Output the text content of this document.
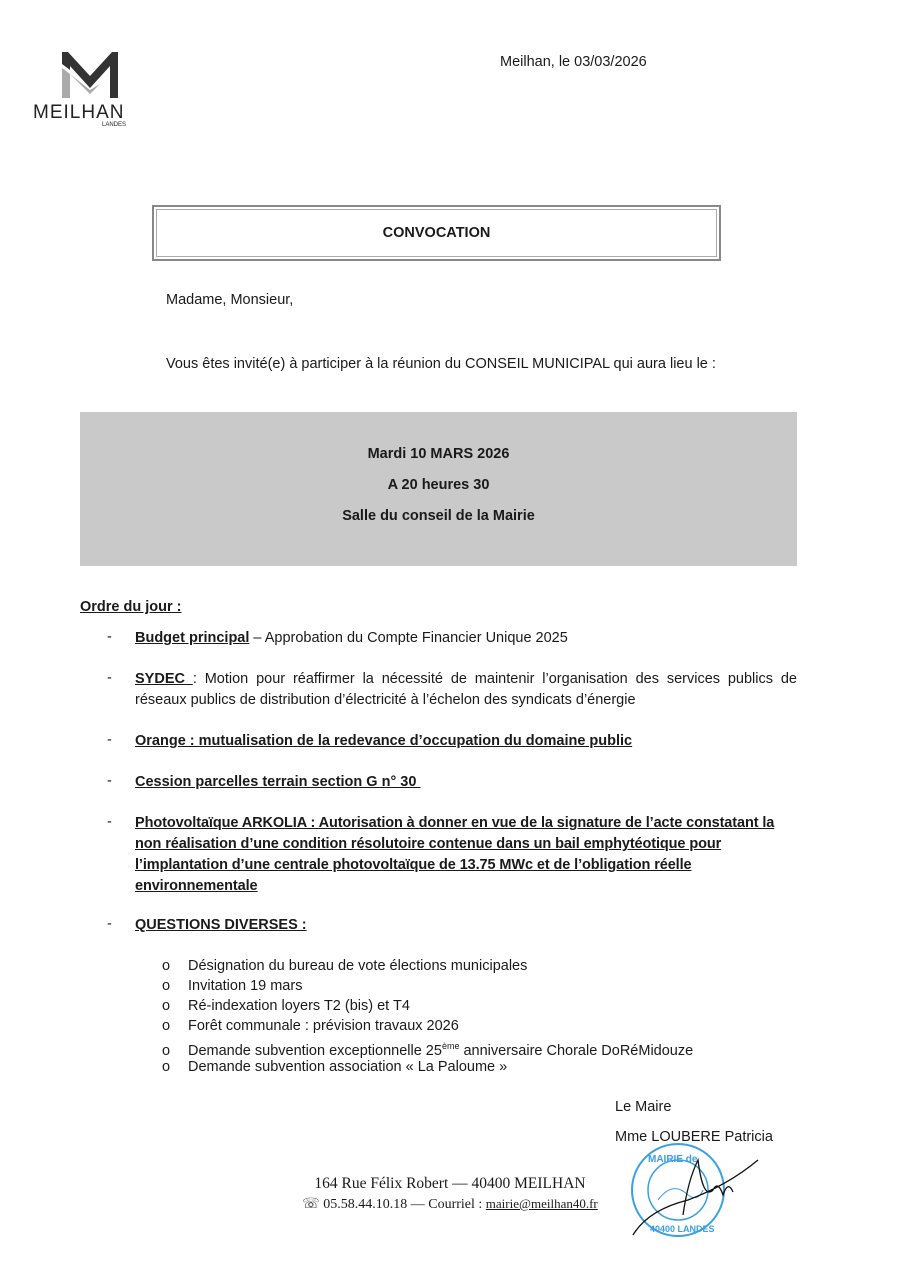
MEILHAN
LANDES
Meilhan, le 03/03/2026
CONVOCATION
Madame, Monsieur,
Vous êtes invité(e) à participer à la réunion du CONSEIL MUNICIPAL qui aura lieu le :
Mardi 10 MARS 2026
A 20 heures 30
Salle du conseil de la Mairie
Ordre du jour :
- Budget principal – Approbation du Compte Financier Unique 2025
- SYDEC : Motion pour réaffirmer la nécessité de maintenir l’organisation des services publics de réseaux publics de distribution d’électricité à l’échelon des syndicats d’énergie
- Orange : mutualisation de la redevance d’occupation du domaine public
- Cession parcelles terrain section G n° 30
- Photovoltaïque ARKOLIA : Autorisation à donner en vue de la signature de l’acte constatant la non réalisation d’une condition résolutoire contenue dans un bail emphytéotique pour l’implantation d’une centrale photovoltaïque de 13.75 MWc et de l’obligation réelle environnementale
- QUESTIONS DIVERSES :
o Désignation du bureau de vote élections municipales
o Invitation 19 mars
o Ré-indexation loyers T2 (bis) et T4
o Forêt communale : prévision travaux 2026
o Demande subvention exceptionnelle 25ème anniversaire Chorale DoRéMidouze
o Demande subvention association « La Paloume »
Le Maire
Mme LOUBERE Patricia
MAIRIE de
40400 LANDES
164 Rue Félix Robert — 40400 MEILHAN
☏ 05.58.44.10.18 — Courriel : mairie@meilhan40.fr
